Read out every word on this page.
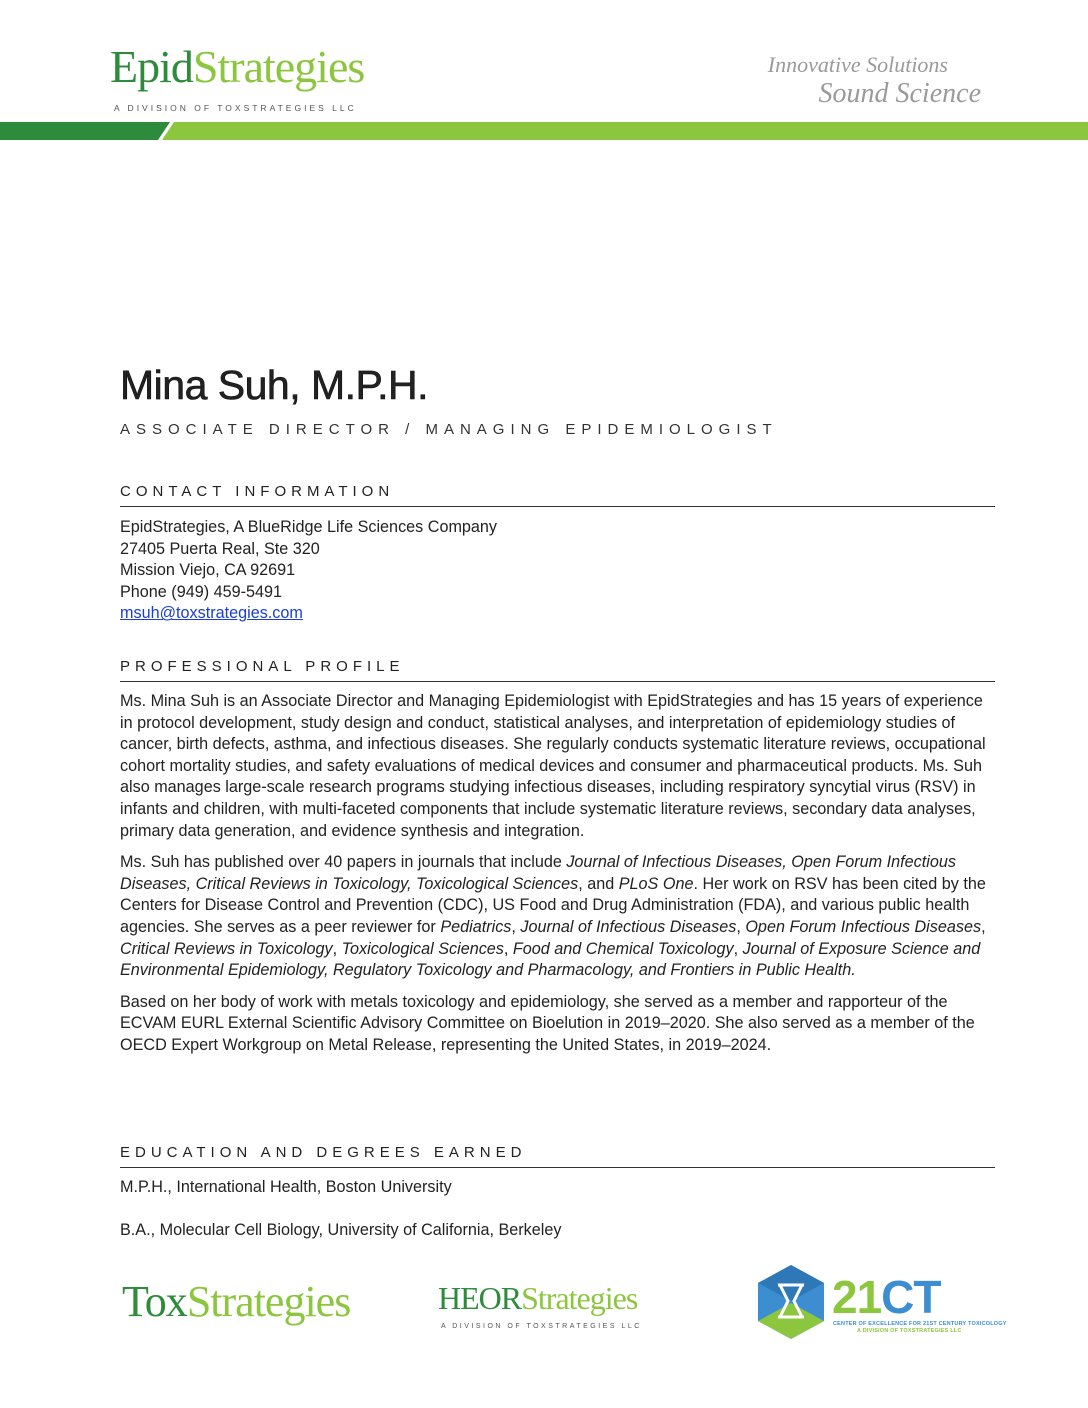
EpidStrategies
A DIVISION OF TOXSTRATEGIES LLC
Innovative Solutions
Sound Science
Mina Suh, M.P.H.
ASSOCIATE DIRECTOR / MANAGING EPIDEMIOLOGIST
CONTACT INFORMATION
EpidStrategies, A BlueRidge Life Sciences Company
27405 Puerta Real, Ste 320
Mission Viejo, CA 92691
Phone (949) 459-5491
msuh@toxstrategies.com
PROFESSIONAL PROFILE

Ms. Mina Suh is an Associate Director and Managing Epidemiologist with EpidStrategies and has 15 years of experience in protocol development, study design and conduct, statistical analyses, and interpretation of epidemiology studies of cancer, birth defects, asthma, and infectious diseases. She regularly conducts systematic literature reviews, occupational cohort mortality studies, and safety evaluations of medical devices and consumer and pharmaceutical products. Ms. Suh also manages large-scale research programs studying infectious diseases, including respiratory syncytial virus (RSV) in infants and children, with multi-faceted components that include systematic literature reviews, secondary data analyses, primary data generation, and evidence synthesis and integration.

Ms. Suh has published over 40 papers in journals that include Journal of Infectious Diseases, Open Forum Infectious Diseases, Critical Reviews in Toxicology, Toxicological Sciences, and PLoS One. Her work on RSV has been cited by the Centers for Disease Control and Prevention (CDC), US Food and Drug Administration (FDA), and various public health agencies. She serves as a peer reviewer for Pediatrics, Journal of Infectious Diseases, Open Forum Infectious Diseases, Critical Reviews in Toxicology, Toxicological Sciences, Food and Chemical Toxicology, Journal of Exposure Science and Environmental Epidemiology, Regulatory Toxicology and Pharmacology, and Frontiers in Public Health.

Based on her body of work with metals toxicology and epidemiology, she served as a member and rapporteur of the ECVAM EURL External Scientific Advisory Committee on Bioelution in 2019–2020. She also served as a member of the OECD Expert Workgroup on Metal Release, representing the United States, in 2019–2024.

EDUCATION AND DEGREES EARNED
M.P.H., International Health, Boston University
B.A., Molecular Cell Biology, University of California, Berkeley
ToxStrategies	HEORStrategies
A DIVISION OF TOXSTRATEGIES LLC
21CT
CENTER OF EXCELLENCE FOR 21ST CENTURY TOXICOLOGY
A DIVISION OF TOXSTRATEGIES LLC
